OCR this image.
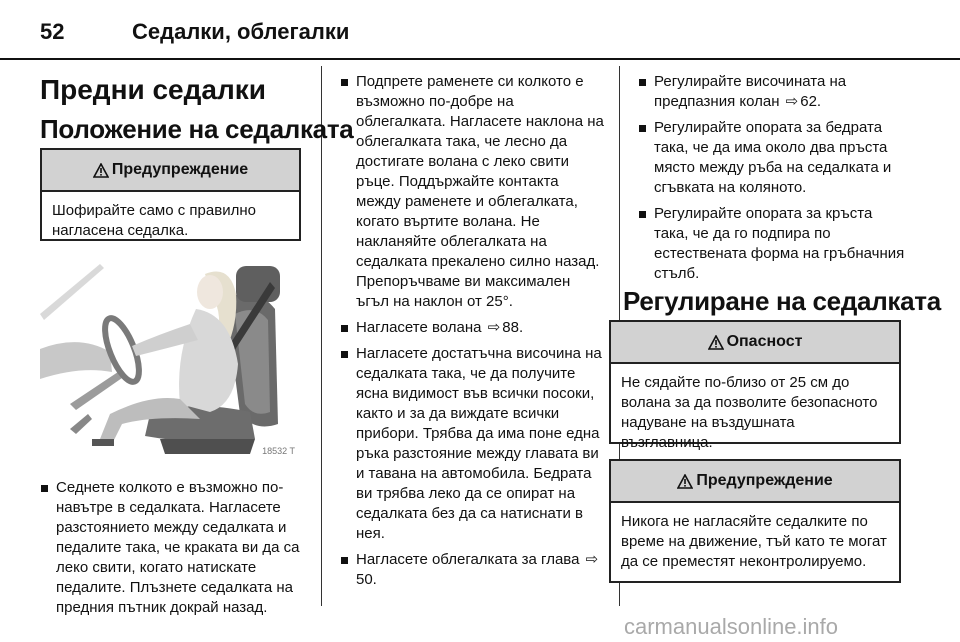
52	Седалки, облегалки
Предни седалки
Положение на седалката
Предупреждение
Шофирайте само с правилно нагласена седалка.
18532 T
Седнете колкото е възможно по-навътре в седалката. Нагласете разстоянието между седалката и педалите така, че краката ви да са леко свити, когато натискате педалите. Плъзнете седалката на предния пътник докрай назад.
Подпрете раменете си колкото е възможно по-добре на облегалката. Нагласете наклона на облегалката така, че лесно да достигате волана с леко свити ръце. Поддържайте контакта между раменете и облегалката, когато въртите волана. Не накланяйте облегалката на седалката прекалено силно назад. Препоръчваме ви максимален ъгъл на наклон от 25°.
Нагласете волана ⇨ 88.
Нагласете достатъчна височина на седалката така, че да получите ясна видимост във всички посоки, както и за да виждате всички прибори. Трябва да има поне една ръка разстояние между главата ви и тавана на автомобила. Бедрата ви трябва леко да се опират на седалката без да са натиснати в нея.
Нагласете облегалката за глава ⇨50.
Регулирайте височината на предпазния колан ⇨ 62.
Регулирайте опората за бедрата така, че да има около два пръста място между ръба на седалката и сгъвката на коляното.
Регулирайте опората за кръста така, че да го подпира по естествената форма на гръбначния стълб.
Регулиране на седалката
Опасност
Не сядайте по-близо от 25 см до волана за да позволите безопасното надуване на въздушната възглавница.
Предупреждение
Никога не нагласяйте седалките по време на движение, тъй като те могат да се преместят неконтролируемо.
carmanualsonline.info
